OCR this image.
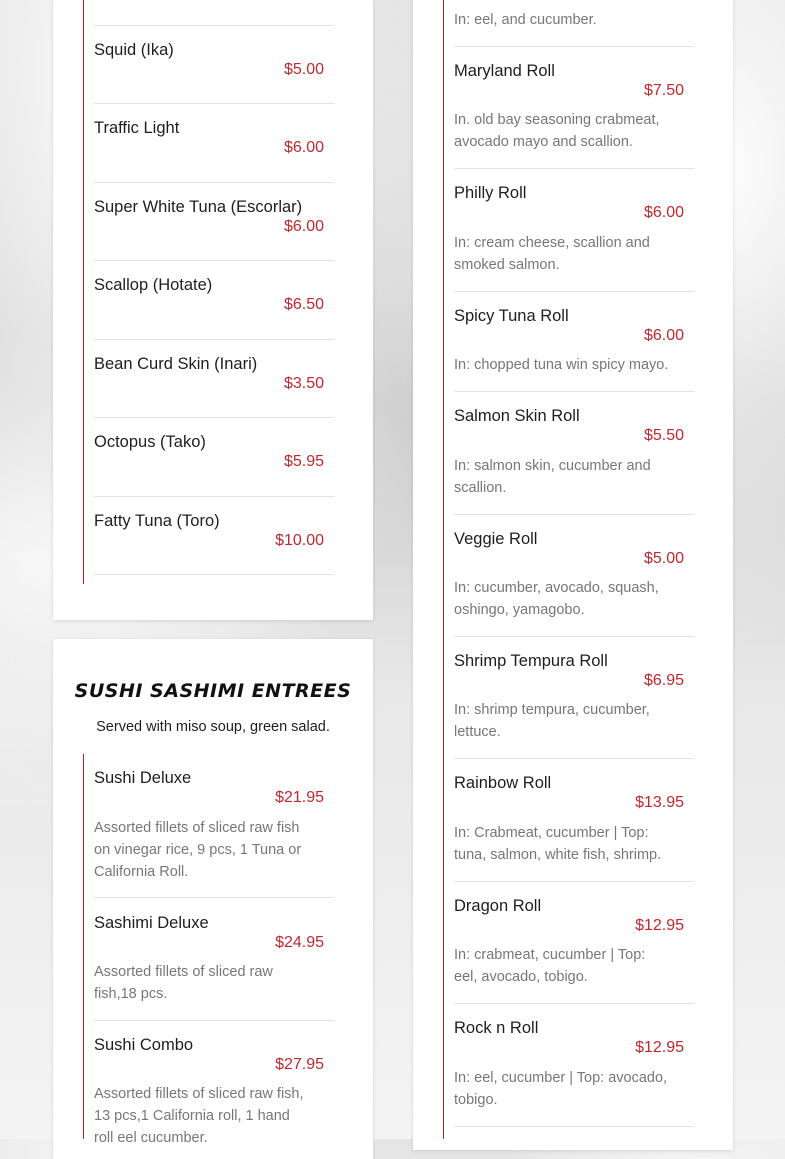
Squid (Ika)
$5.00
Traffic Light
$6.00
Super White Tuna (Escorlar)
$6.00
Scallop (Hotate)
$6.50
Bean Curd Skin (Inari)
$3.50
Octopus (Tako)
$5.95
Fatty Tuna (Toro)
$10.00
SUSHI SASHIMI ENTREES
Served with miso soup, green salad.
Sushi Deluxe
$21.95
Assorted fillets of sliced raw fish on vinegar rice, 9 pcs, 1 Tuna or California Roll.
Sashimi Deluxe
$24.95
Assorted fillets of sliced raw fish,18 pcs.
Sushi Combo
$27.95
Assorted fillets of sliced raw fish, 13 pcs,1 California roll, 1 hand roll eel cucumber.
In: eel, and cucumber.
Maryland Roll
$7.50
In. old bay seasoning crabmeat, avocado mayo and scallion.
Philly Roll
$6.00
In: cream cheese, scallion and smoked salmon.
Spicy Tuna Roll
$6.00
In: chopped tuna win spicy mayo.
Salmon Skin Roll
$5.50
In: salmon skin, cucumber and scallion.
Veggie Roll
$5.00
In: cucumber, avocado, squash, oshingo, yamagobo.
Shrimp Tempura Roll
$6.95
In: shrimp tempura, cucumber, lettuce.
Rainbow Roll
$13.95
In: Crabmeat, cucumber | Top: tuna, salmon, white fish, shrimp.
Dragon Roll
$12.95
In: crabmeat, cucumber | Top: eel, avocado, tobigo.
Rock n Roll
$12.95
In: eel, cucumber | Top: avocado, tobigo.
